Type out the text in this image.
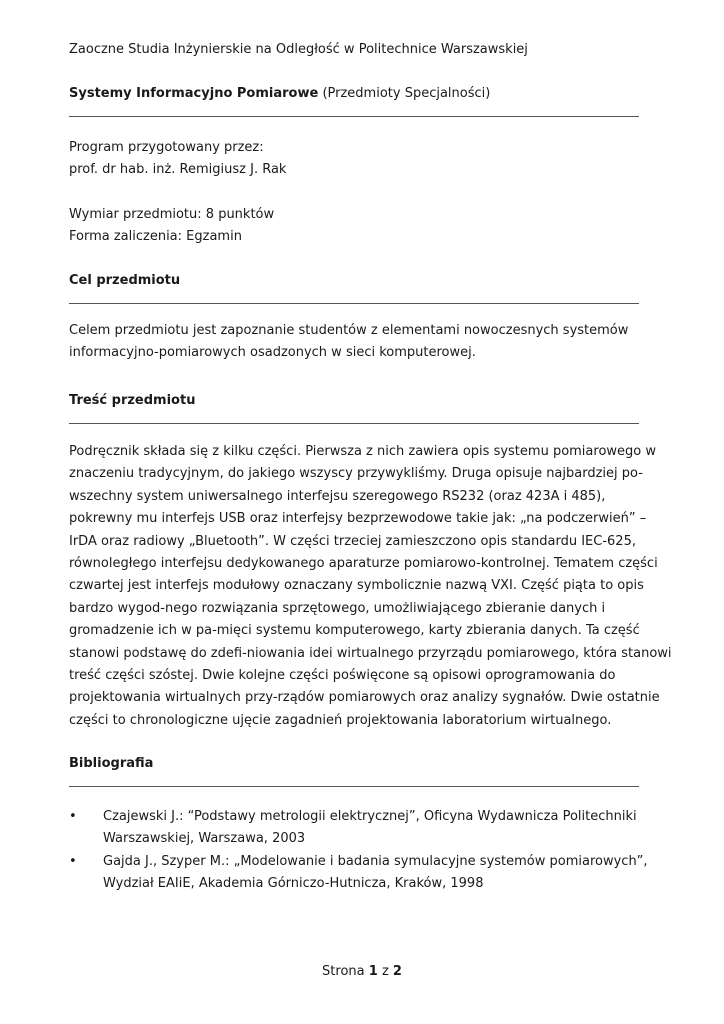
Zaoczne Studia Inżynierskie na Odległość w Politechnice Warszawskiej
Systemy Informacyjno Pomiarowe (Przedmioty Specjalności)
Program przygotowany przez:
prof. dr hab. inż. Remigiusz J. Rak
Wymiar przedmiotu: 8 punktów
Forma zaliczenia: Egzamin
Cel przedmiotu
Celem przedmiotu jest zapoznanie studentów z elementami nowoczesnych systemów
informacyjno-pomiarowych osadzonych w sieci komputerowej.
Treść przedmiotu
Podręcznik składa się z kilku części. Pierwsza z nich zawiera opis systemu pomiarowego w
znaczeniu tradycyjnym, do jakiego wszyscy przywykliśmy. Druga opisuje najbardziej po-
wszechny system uniwersalnego interfejsu szeregowego RS232 (oraz 423A i 485),
pokrewny mu interfejs USB oraz interfejsy bezprzewodowe takie jak: „na podczerwień” –
IrDA oraz radiowy „Bluetooth”. W części trzeciej zamieszczono opis standardu IEC-625,
równoległego interfejsu dedykowanego aparaturze pomiarowo-kontrolnej. Tematem części
czwartej jest interfejs modułowy oznaczany symbolicznie nazwą VXI. Część piąta to opis
bardzo wygod-nego rozwiązania sprzętowego, umożliwiającego zbieranie danych i
gromadzenie ich w pa-mięci systemu komputerowego, karty zbierania danych. Ta część
stanowi podstawę do zdefi-niowania idei wirtualnego przyrządu pomiarowego, która stanowi
treść części szóstej. Dwie kolejne części poświęcone są opisowi oprogramowania do
projektowania wirtualnych przy-rządów pomiarowych oraz analizy sygnałów. Dwie ostatnie
części to chronologiczne ujęcie zagadnień projektowania laboratorium wirtualnego.
Bibliografia
• Czajewski J.: “Podstawy metrologii elektrycznej”, Oficyna Wydawnicza Politechniki
Warszawskiej, Warszawa, 2003
• Gajda J., Szyper M.: „Modelowanie i badania symulacyjne systemów pomiarowych”,
Wydział EAIiE, Akademia Górniczo-Hutnicza, Kraków, 1998
Strona 1 z 2
